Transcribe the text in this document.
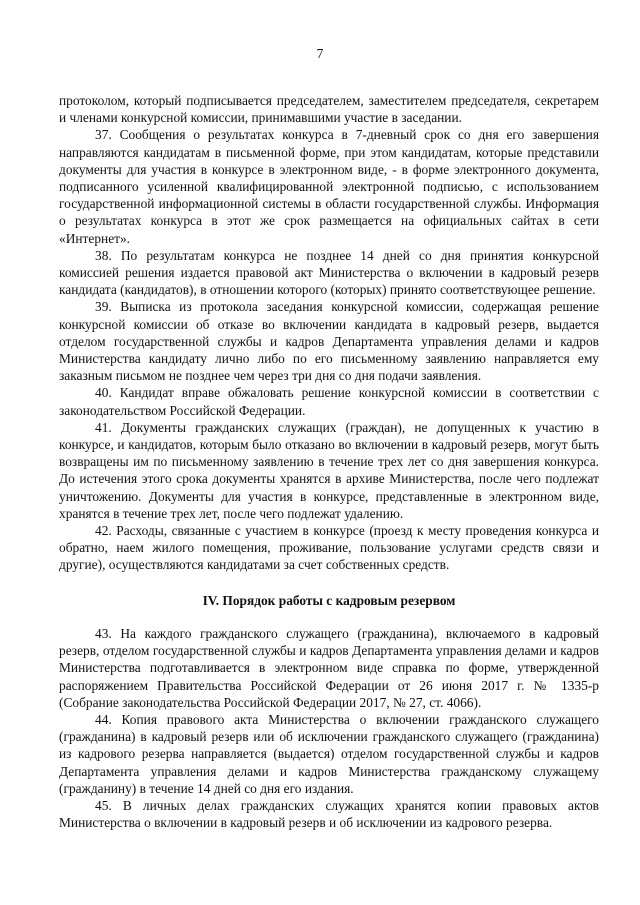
7

протоколом, который подписывается председателем, заместителем председателя, секретарем и членами конкурсной комиссии, принимавшими участие в заседании.

37. Сообщения о результатах конкурса в 7-дневный срок со дня его завершения направляются кандидатам в письменной форме, при этом кандидатам, которые представили документы для участия в конкурсе в электронном виде, - в форме электронного документа, подписанного усиленной квалифицированной электронной подписью, с использованием государственной информационной системы в области государственной службы. Информация о результатах конкурса в этот же срок размещается на официальных сайтах в сети «Интернет».

38. По результатам конкурса не позднее 14 дней со дня принятия конкурсной комиссией решения издается правовой акт Министерства о включении в кадровый резерв кандидата (кандидатов), в отношении которого (которых) принято соответствующее решение.

39. Выписка из протокола заседания конкурсной комиссии, содержащая решение конкурсной комиссии об отказе во включении кандидата в кадровый резерв, выдается отделом государственной службы и кадров Департамента управления делами и кадров Министерства кандидату лично либо по его письменному заявлению направляется ему заказным письмом не позднее чем через три дня со дня подачи заявления.

40. Кандидат вправе обжаловать решение конкурсной комиссии в соответствии с законодательством Российской Федерации.

41. Документы гражданских служащих (граждан), не допущенных к участию в конкурсе, и кандидатов, которым было отказано во включении в кадровый резерв, могут быть возвращены им по письменному заявлению в течение трех лет со дня завершения конкурса. До истечения этого срока документы хранятся в архиве Министерства, после чего подлежат уничтожению. Документы для участия в конкурсе, представленные в электронном виде, хранятся в течение трех лет, после чего подлежат удалению.

42. Расходы, связанные с участием в конкурсе (проезд к месту проведения конкурса и обратно, наем жилого помещения, проживание, пользование услугами средств связи и другие), осуществляются кандидатами за счет собственных средств.

IV. Порядок работы с кадровым резервом

43. На каждого гражданского служащего (гражданина), включаемого в кадровый резерв, отделом государственной службы и кадров Департамента управления делами и кадров Министерства подготавливается в электронном виде справка по форме, утвержденной распоряжением Правительства Российской Федерации от 26 июня 2017 г. № 1335-р (Собрание законодательства Российской Федерации 2017, № 27, ст. 4066).

44. Копия правового акта Министерства о включении гражданского служащего (гражданина) в кадровый резерв или об исключении гражданского служащего (гражданина) из кадрового резерва направляется (выдается) отделом государственной службы и кадров Департамента управления делами и кадров Министерства гражданскому служащему (гражданину) в течение 14 дней со дня его издания.

45. В личных делах гражданских служащих хранятся копии правовых актов Министерства о включении в кадровый резерв и об исключении из кадрового резерва.
